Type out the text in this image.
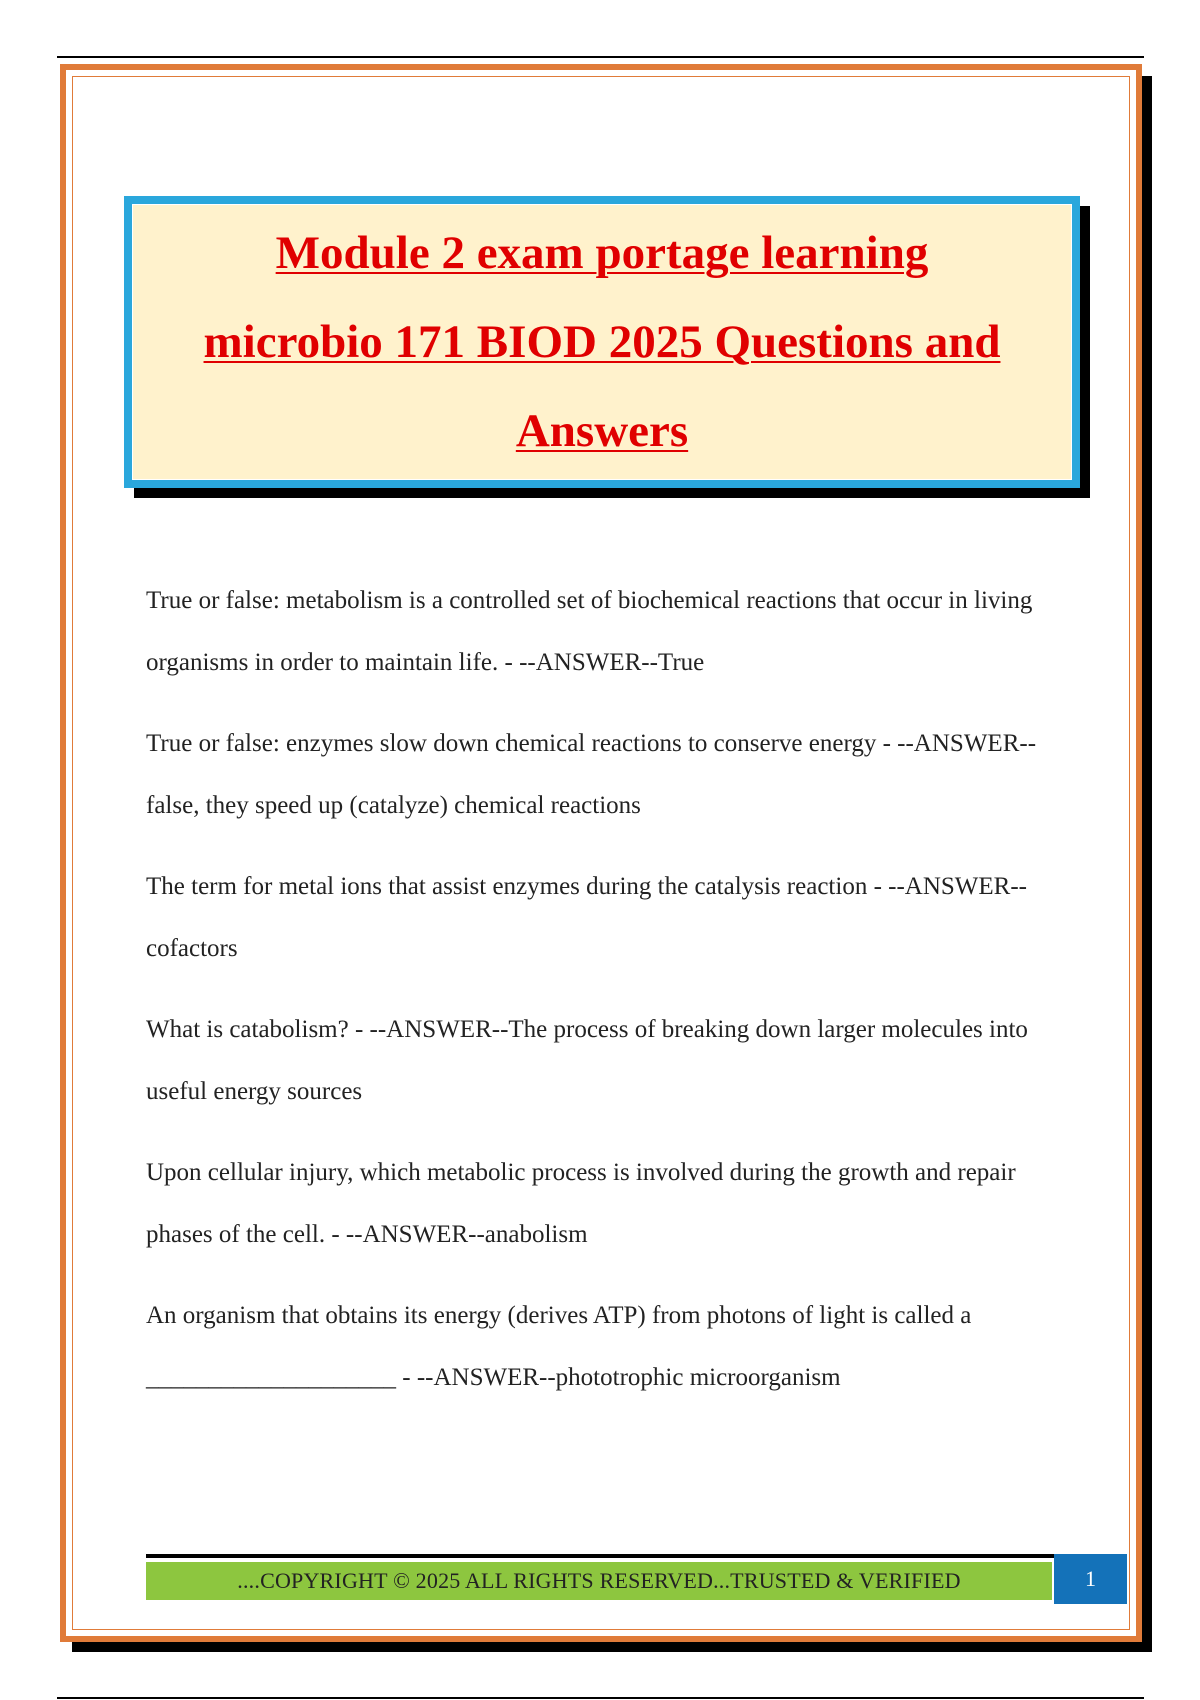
Module 2 exam portage learning
microbio 171 BIOD 2025 Questions and
Answers
True or false: metabolism is a controlled set of biochemical reactions that occur in living organisms in order to maintain life. - --ANSWER--True
True or false: enzymes slow down chemical reactions to conserve energy - --ANSWER--false, they speed up (catalyze) chemical reactions
The term for metal ions that assist enzymes during the catalysis reaction - --ANSWER--cofactors
What is catabolism? - --ANSWER--The process of breaking down larger molecules into useful energy sources
Upon cellular injury, which metabolic process is involved during the growth and repair phases of the cell. - --ANSWER--anabolism
An organism that obtains its energy (derives ATP) from photons of light is called a ____________________ - --ANSWER--phototrophic microorganism
....COPYRIGHT © 2025 ALL RIGHTS RESERVED...TRUSTED & VERIFIED	1
